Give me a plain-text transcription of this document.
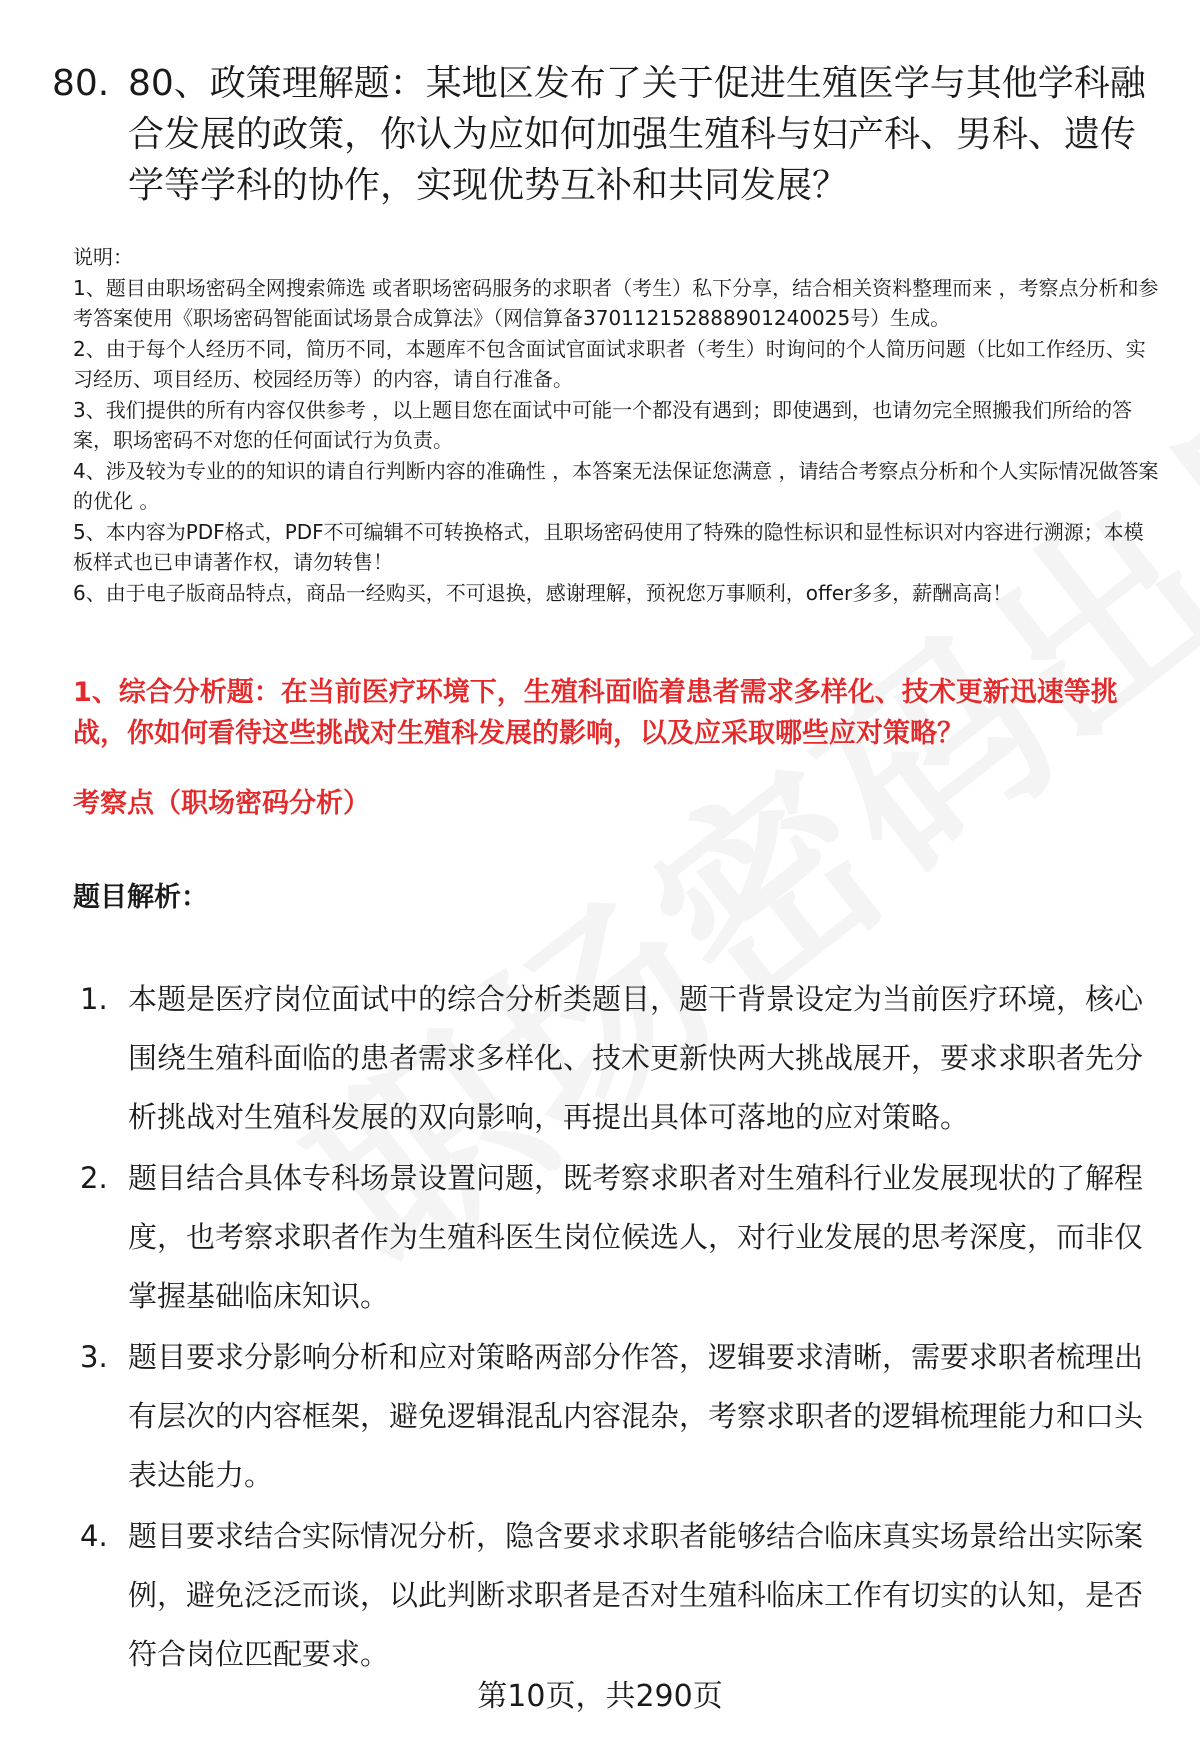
80. 80、政策理解题：某地区发布了关于促进生殖医学与其他学科融合发展的政策，你认为应如何加强生殖科与妇产科、男科、遗传学等学科的协作，实现优势互补和共同发展？

说明：

1、题目由职场密码全网搜索筛选 或者职场密码服务的求职者（考生）私下分享，结合相关资料整理而来 ，考察点分析和参考答案使用《职场密码智能面试场景合成算法》（网信算备370112152888901240025号）生成。

2、由于每个人经历不同，简历不同，本题库不包含面试官面试求职者（考生）时询问的个人简历问题（比如工作经历、实习经历、项目经历、校园经历等）的内容，请自行准备。

3、我们提供的所有内容仅供参考 ，以上题目您在面试中可能一个都没有遇到；即使遇到，也请勿完全照搬我们所给的答案，职场密码不对您的任何面试行为负责。

4、涉及较为专业的的知识的请自行判断内容的准确性 ，本答案无法保证您满意 ，请结合考察点分析和个人实际情况做答案的优化 。

5、本内容为PDF格式，PDF不可编辑不可转换格式，且职场密码使用了特殊的隐性标识和显性标识对内容进行溯源；本模板样式也已申请著作权，请勿转售！

6、由于电子版商品特点，商品一经购买，不可退换，感谢理解，预祝您万事顺利，offer多多，薪酬高高！

1、综合分析题：在当前医疗环境下，生殖科面临着患者需求多样化、技术更新迅速等挑战，你如何看待这些挑战对生殖科发展的影响，以及应采取哪些应对策略？
考察点（职场密码分析）
题目解析：
1. 本题是医疗岗位面试中的综合分析类题目，题干背景设定为当前医疗环境，核心围绕生殖科面临的患者需求多样化、技术更新快两大挑战展开，要求求职者先分析挑战对生殖科发展的双向影响，再提出具体可落地的应对策略。
2. 题目结合具体专科场景设置问题，既考察求职者对生殖科行业发展现状的了解程度，也考察求职者作为生殖科医生岗位候选人，对行业发展的思考深度，而非仅掌握基础临床知识。
3. 题目要求分影响分析和应对策略两部分作答，逻辑要求清晰，需要求职者梳理出有层次的内容框架，避免逻辑混乱内容混杂，考察求职者的逻辑梳理能力和口头表达能力。
4. 题目要求结合实际情况分析，隐含要求求职者能够结合临床真实场景给出实际案例，避免泛泛而谈，以此判断求职者是否对生殖科临床工作有切实的认知，是否符合岗位匹配要求。
第10页，共290页
